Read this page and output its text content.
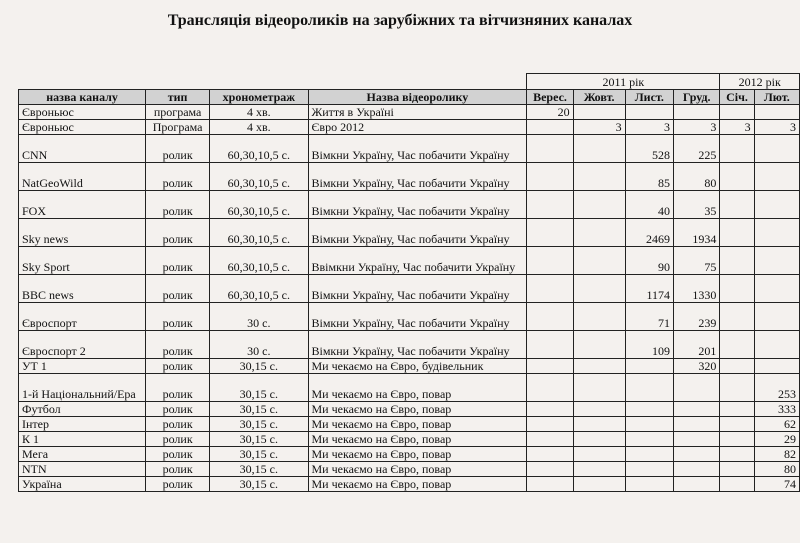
Трансляція відеороликів на зарубіжних та вітчизняних каналах
				2011 рік				2012 рік	
назва каналу	тип	хронометраж	Назва відеоролику	Верес.	Жовт.	Лист.	Груд.	Січ.	Лют.
Євроньюс	програма	4 хв.	Життя в Україні	20					
Євроньюс	Програма	4 хв.	Євро 2012		3	3	3	3	3
CNN	ролик	60,30,10,5 с.	Вімкни Україну, Час побачити Україну			528	225		
NatGeoWild	ролик	60,30,10,5 с.	Вімкни Україну, Час побачити Україну			85	80		
FOX	ролик	60,30,10,5 с.	Вімкни Україну, Час побачити Україну			40	35		
Sky news	ролик	60,30,10,5 с.	Вімкни Україну, Час побачити Україну			2469	1934		
Sky Sport	ролик	60,30,10,5 с.	Ввімкни Україну, Час побачити Україну			90	75		
BBC news	ролик	60,30,10,5 с.	Вімкни Україну, Час побачити Україну			1174	1330		
Євроспорт	ролик	30 с.	Вімкни Україну, Час побачити Україну			71	239		
Євроспорт 2	ролик	30 с.	Вімкни Україну, Час побачити Україну			109	201		
УТ 1	ролик	30,15 с.	Ми чекаємо на Євро, будівельник				320		
1-й Національний/Ера	ролик	30,15 с.	Ми чекаємо на Євро, повар						253
Футбол	ролик	30,15 с.	Ми чекаємо на Євро, повар						333
Інтер	ролик	30,15 с.	Ми чекаємо на Євро, повар						62
К 1	ролик	30,15 с.	Ми чекаємо на Євро, повар						29
Мега	ролик	30,15 с.	Ми чекаємо на Євро, повар						82
NTN	ролик	30,15 с.	Ми чекаємо на Євро, повар						80
Україна	ролик	30,15 с.	Ми чекаємо на Євро, повар						74
